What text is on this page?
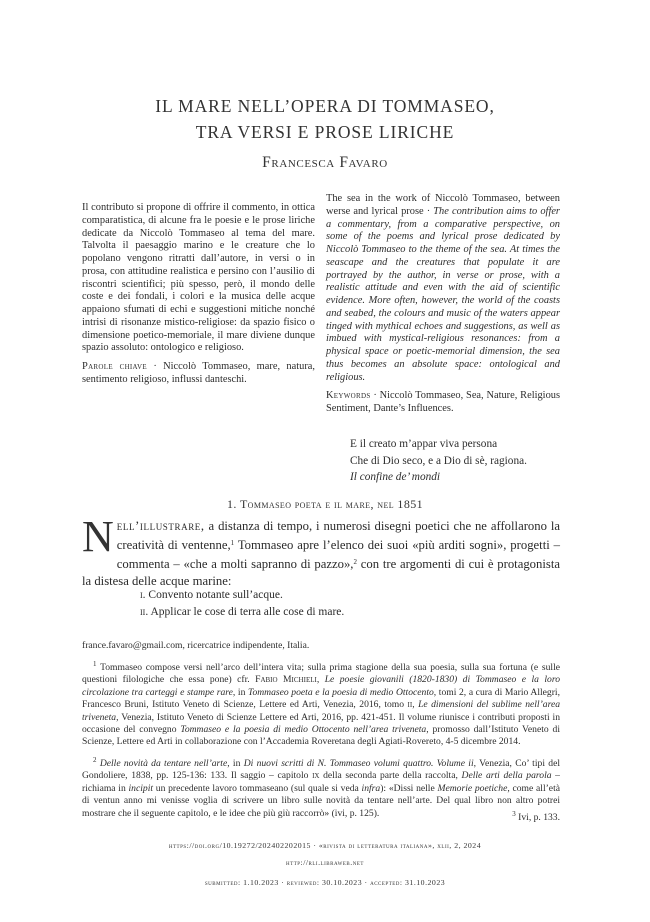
IL MARE NELL’OPERA DI TOMMASEO,
TRA VERSI E PROSE LIRICHE
Francesca Favaro

Il contributo si propone di offrire il commento, in ottica comparatistica, di alcune fra le poesie e le prose liriche dedicate da Niccolò Tommaseo al tema del mare. Talvolta il paesaggio marino e le creature che lo popolano vengono ritratti dall’autore, in versi o in prosa, con attitudine realistica e persino con l’ausilio di riscontri scientifici; più spesso, però, il mondo delle coste e dei fondali, i colori e la musica delle acque appaiono sfumati di echi e suggestioni mitiche nonché intrisi di risonanze mistico-religiose: da spazio fisico o dimensione poetico-memoriale, il mare diviene dunque spazio assoluto: ontologico e religioso.

Parole chiave · Niccolò Tommaseo, mare, natura, sentimento religioso, influssi danteschi.

The sea in the work of Niccolò Tommaseo, between werse and lyrical prose · The contribution aims to offer a commentary, from a comparative perspective, on some of the poems and lyrical prose dedicated by Niccolò Tommaseo to the theme of the sea. At times the seascape and the creatures that populate it are portrayed by the author, in verse or prose, with a realistic attitude and even with the aid of scientific evidence. More often, however, the world of the coasts and seabed, the colours and music of the waters appear tinged with mythical echoes and suggestions, as well as imbued with mystical-religious resonances: from a physical space or poetic-memorial dimension, the sea thus becomes an absolute space: ontological and religious.

Keywords · Niccolò Tommaseo, Sea, Nature, Religious Sentiment, Dante’s Influences.

E il creato m’appar viva persona
Che di Dio seco, e a Dio di sè, ragiona.
Il confine de’ mondi
1. Tommaseo poeta e il mare, nel 1851

N ell’illustrare, a distanza di tempo, i numerosi disegni poetici che ne affollarono la creatività di ventenne,$^1$ Tommaseo apre l’elenco dei suoi «più arditi sogni», progetti – commenta – «che a molti sapranno di pazzo»,$^2$ con tre argomenti di cui è protagonista la distesa delle acque marine:

i. Convento notante sull’acque.
ii. Applicar le cose di terra alle cose di mare.
france.favaro@gmail.com, ricercatrice indipendente, Italia.

$^1$ Tommaseo compose versi nell’arco dell’intera vita; sulla prima stagione della sua poesia, sulla sua fortuna (e sulle questioni filologiche che essa pone) cfr. Fabio Michieli, Le poesie giovanili (1820-1830) di Tommaseo e la loro circolazione tra carteggi e stampe rare, in Tommaseo poeta e la poesia di medio Ottocento, tomi 2, a cura di Mario Allegri, Francesco Bruni, Istituto Veneto di Scienze, Lettere ed Arti, Venezia, 2016, tomo ii, Le dimensioni del sublime nell’area triveneta, Venezia, Istituto Veneto di Scienze Lettere ed Arti, 2016, pp. 421-451. Il volume riunisce i contributi proposti in occasione del convegno Tommaseo e la poesia di medio Ottocento nell’area triveneta, promosso dall’Istituto Veneto di Scienze, Lettere ed Arti in collaborazione con l’Accademia Roveretana degli Agiati-Rovereto, 4-5 dicembre 2014.

$^2$ Delle novità da tentare nell’arte, in Di nuovi scritti di N. Tommaseo volumi quattro. Volume ii, Venezia, Co’ tipi del Gondoliere, 1838, pp. 125-136: 133. Il saggio – capitolo ix della seconda parte della raccolta, Delle arti della parola – richiama in incipit un precedente lavoro tommaseano (sul quale si veda infra): «Dissi nelle Memorie poetiche, come all’età di ventun anno mi venisse voglia di scrivere un libro sulle novità da tentare nell’arte. Del qual libro non altro potrei mostrare che il seguente capitolo, e le idee che più giù raccorrò» (ivi, p. 125).	$^3$ Ivi, p. 133.

https://doi.org/10.19272/202402202015 · «rivista di letteratura italiana», xlii, 2, 2024
http://rli.libraweb.net
submitted: 1.10.2023 · reviewed: 30.10.2023 · accepted: 31.10.2023
